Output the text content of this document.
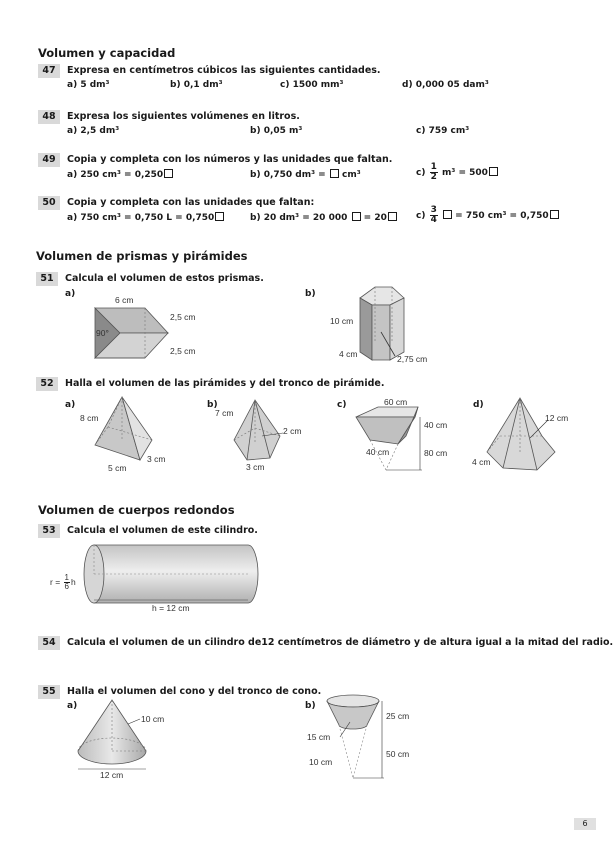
Volumen y capacidad
47	Expresa en centímetros cúbicos las siguientes cantidades.
a) 5 dm³	b) 0,1 dm³	c) 1500 mm³	d) 0,000 05 dam³
48	Expresa los siguientes volúmenes en litros.
a) 2,5 dm³	b) 0,05 m³	c) 759 cm³
49	Copia y completa con los números y las unidades que faltan.
a) 250 cm³ = 0,250	b) 0,750 dm³ = cm³	$c) \frac{1}{2} m^3 = 500$
50	Copia y completa con las unidades que faltan:
a) 750 cm³ = 0,750 L = 0,750	b) 20 dm³ = 20 000 = 20	$c) \frac{3}{4} = 750$ cm³ = 0,750
Volumen de prismas y pirámides
51	Calcula el volumen de estos prismas.
a)	b)
6 cm
2,5 cm
90°
2,5 cm
10 cm
4 cm	2,75 cm
52	Halla el volumen de las pirámides y del tronco de pirámide.
a)	b)	c)	d)
8 cm
5 cm
3 cm
7 cm
2 cm
3 cm
60 cm
40 cm
40 cm	80 cm
12 cm
4 cm
Volumen de cuerpos redondos
53	Calcula el volumen de este cilindro.
h = 12 cm
$r = \frac{1}{6}$ h
54	Calcula el volumen de un cilindro de12 centímetros de diámetro y de altura igual a la mitad del radio.
55	Halla el volumen del cono y del tronco de cono.
a)	b)
10 cm
12 cm
25 cm
15 cm
50 cm
10 cm
6
